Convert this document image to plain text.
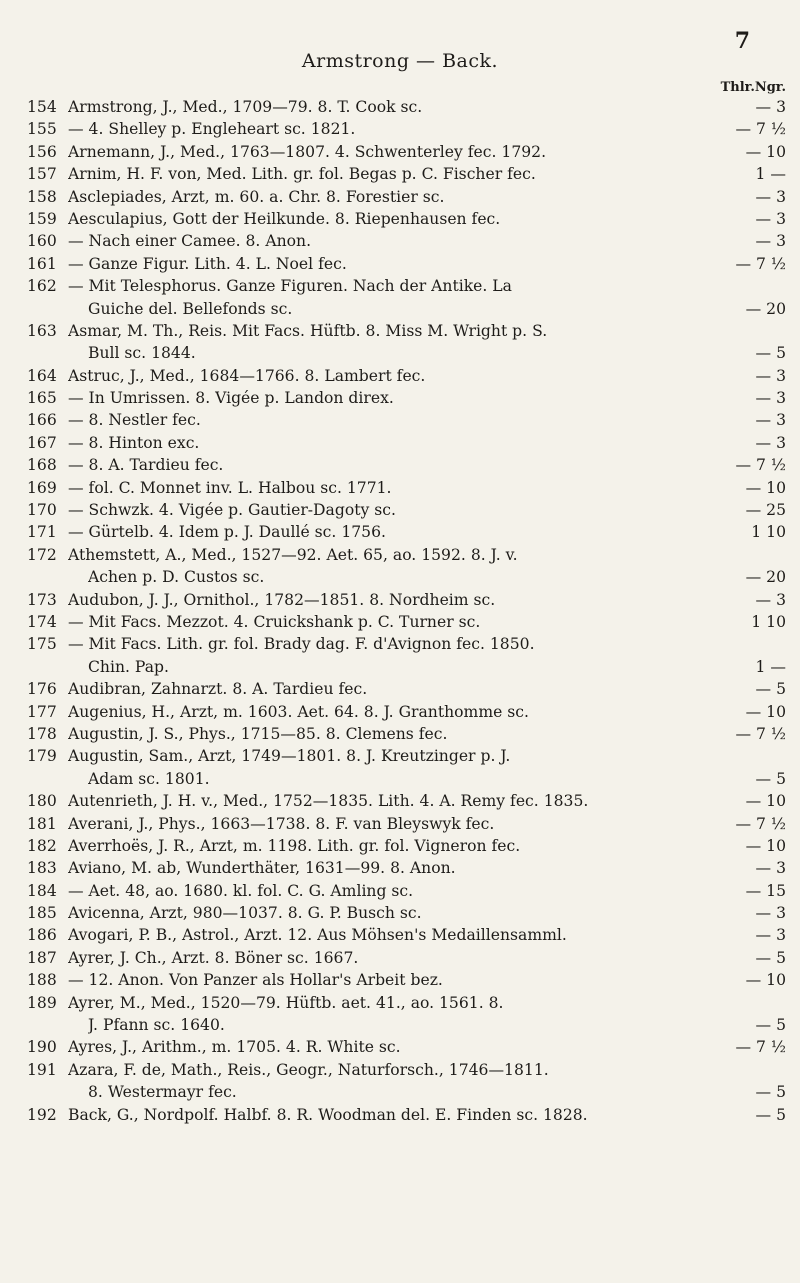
Armstrong — Back.
7
Thlr.Ngr.
154 Armstrong, J., Med., 1709—79. 8. T. Cook sc.	— 3
155 — 4. Shelley p. Engleheart sc. 1821.	— 7 ½
156 Arnemann, J., Med., 1763—1807. 4. Schwenterley fec. 1792.	— 10
157 Arnim, H. F. von, Med. Lith. gr. fol. Begas p. C. Fischer fec.	1 —
158 Asclepiades, Arzt, m. 60. a. Chr. 8. Forestier sc.	— 3
159 Aesculapius, Gott der Heilkunde. 8. Riepenhausen fec.	— 3
160 — Nach einer Camee. 8. Anon.	— 3
161 — Ganze Figur. Lith. 4. L. Noel fec.	— 7 ½
162 — Mit Telesphorus. Ganze Figuren. Nach der Antike. La
Guiche del. Bellefonds sc.	— 20
163 Asmar, M. Th., Reis. Mit Facs. Hüftb. 8. Miss M. Wright p. S.
Bull sc. 1844.	— 5
164 Astruc, J., Med., 1684—1766. 8. Lambert fec.	— 3
165 — In Umrissen. 8. Vigée p. Landon direx.	— 3
166 — 8. Nestler fec.	— 3
167 — 8. Hinton exc.	— 3
168 — 8. A. Tardieu fec.	— 7 ½
169 — fol. C. Monnet inv. L. Halbou sc. 1771.	— 10
170 — Schwzk. 4. Vigée p. Gautier-Dagoty sc.	— 25
171 — Gürtelb. 4. Idem p. J. Daullé sc. 1756.	1 10
172 Athemstett, A., Med., 1527—92. Aet. 65, ao. 1592. 8. J. v.
Achen p. D. Custos sc.	— 20
173 Audubon, J. J., Ornithol., 1782—1851. 8. Nordheim sc.	— 3
174 — Mit Facs. Mezzot. 4. Cruickshank p. C. Turner sc.	1 10
175 — Mit Facs. Lith. gr. fol. Brady dag. F. d'Avignon fec. 1850.
Chin. Pap.	1 —
176 Audibran, Zahnarzt. 8. A. Tardieu fec.	— 5
177 Augenius, H., Arzt, m. 1603. Aet. 64. 8. J. Granthomme sc.	— 10
178 Augustin, J. S., Phys., 1715—85. 8. Clemens fec.	— 7 ½
179 Augustin, Sam., Arzt, 1749—1801. 8. J. Kreutzinger p. J.
Adam sc. 1801.	— 5
180 Autenrieth, J. H. v., Med., 1752—1835. Lith. 4. A. Remy fec. 1835.	— 10
181 Averani, J., Phys., 1663—1738. 8. F. van Bleyswyk fec.	— 7 ½
182 Averrhoës, J. R., Arzt, m. 1198. Lith. gr. fol. Vigneron fec.	— 10
183 Aviano, M. ab, Wunderthäter, 1631—99. 8. Anon.	— 3
184 — Aet. 48, ao. 1680. kl. fol. C. G. Amling sc.	— 15
185 Avicenna, Arzt, 980—1037. 8. G. P. Busch sc.	— 3
186 Avogari, P. B., Astrol., Arzt. 12. Aus Möhsen's Medaillensamml.	— 3
187 Ayrer, J. Ch., Arzt. 8. Böner sc. 1667.	— 5
188 — 12. Anon. Von Panzer als Hollar's Arbeit bez.	— 10
189 Ayrer, M., Med., 1520—79. Hüftb. aet. 41., ao. 1561. 8.
J. Pfann sc. 1640.	— 5
190 Ayres, J., Arithm., m. 1705. 4. R. White sc.	— 7 ½
191 Azara, F. de, Math., Reis., Geogr., Naturforsch., 1746—1811.
8. Westermayr fec.	— 5
192 Back, G., Nordpolf. Halbf. 8. R. Woodman del. E. Finden sc. 1828.	— 5
